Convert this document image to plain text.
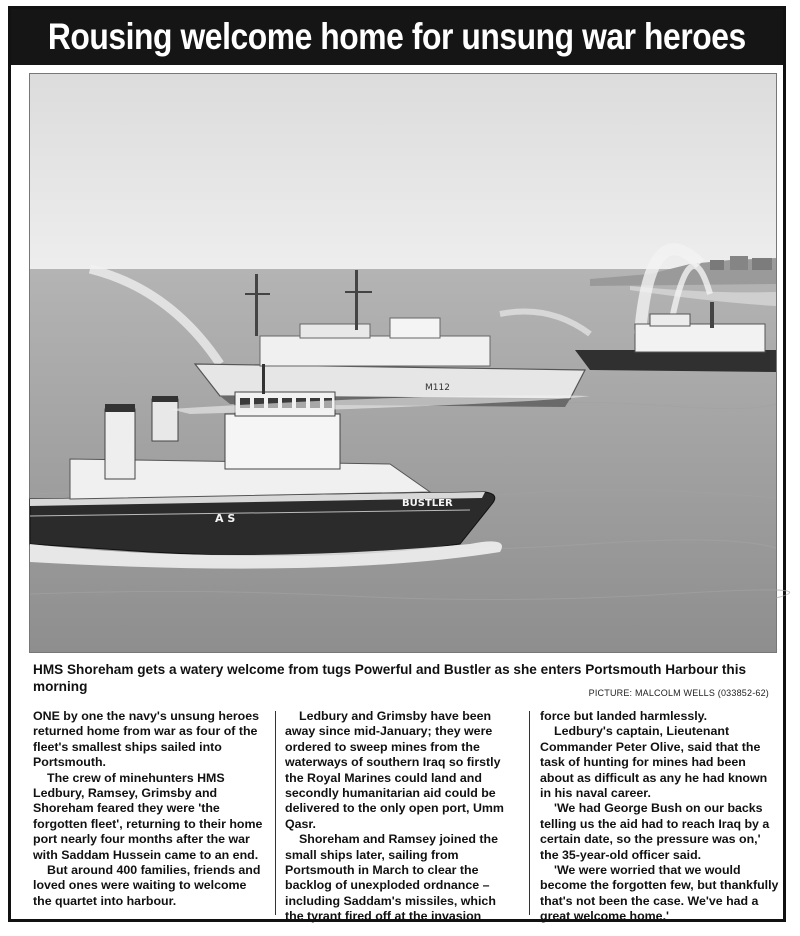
Rousing welcome home for unsung war heroes
M112
BUSTLER
A S
HMS Shoreham gets a watery welcome from tugs Powerful and Bustler as she enters Portsmouth Harbour this morning	PICTURE: MALCOLM WELLS (033852-62)

ONE by one the navy's unsung heroes returned home from war as four of the fleet's smallest ships sailed into Portsmouth.

The crew of minehunters HMS Ledbury, Ramsey, Grimsby and Shoreham feared they were 'the forgotten fleet', returning to their home port nearly four months after the war with Saddam Hussein came to an end.

But around 400 families, friends and loved ones were waiting to welcome the quartet into harbour.

Ledbury and Grimsby have been away since mid-January; they were ordered to sweep mines from the waterways of southern Iraq so firstly the Royal Marines could land and secondly humanitarian aid could be delivered to the only open port, Umm Qasr.

Shoreham and Ramsey joined the small ships later, sailing from Portsmouth in March to clear the backlog of unexploded ordnance – including Saddam's missiles, which the tyrant fired off at the invasion

force but landed harmlessly.

Ledbury's captain, Lieutenant Commander Peter Olive, said that the task of hunting for mines had been about as difficult as any he had known in his naval career.

'We had George Bush on our backs telling us the aid had to reach Iraq by a certain date, so the pressure was on,' the 35-year-old officer said.

'We were worried that we would become the forgotten few, but thankfully that's not been the case. We've had a great welcome home.'
